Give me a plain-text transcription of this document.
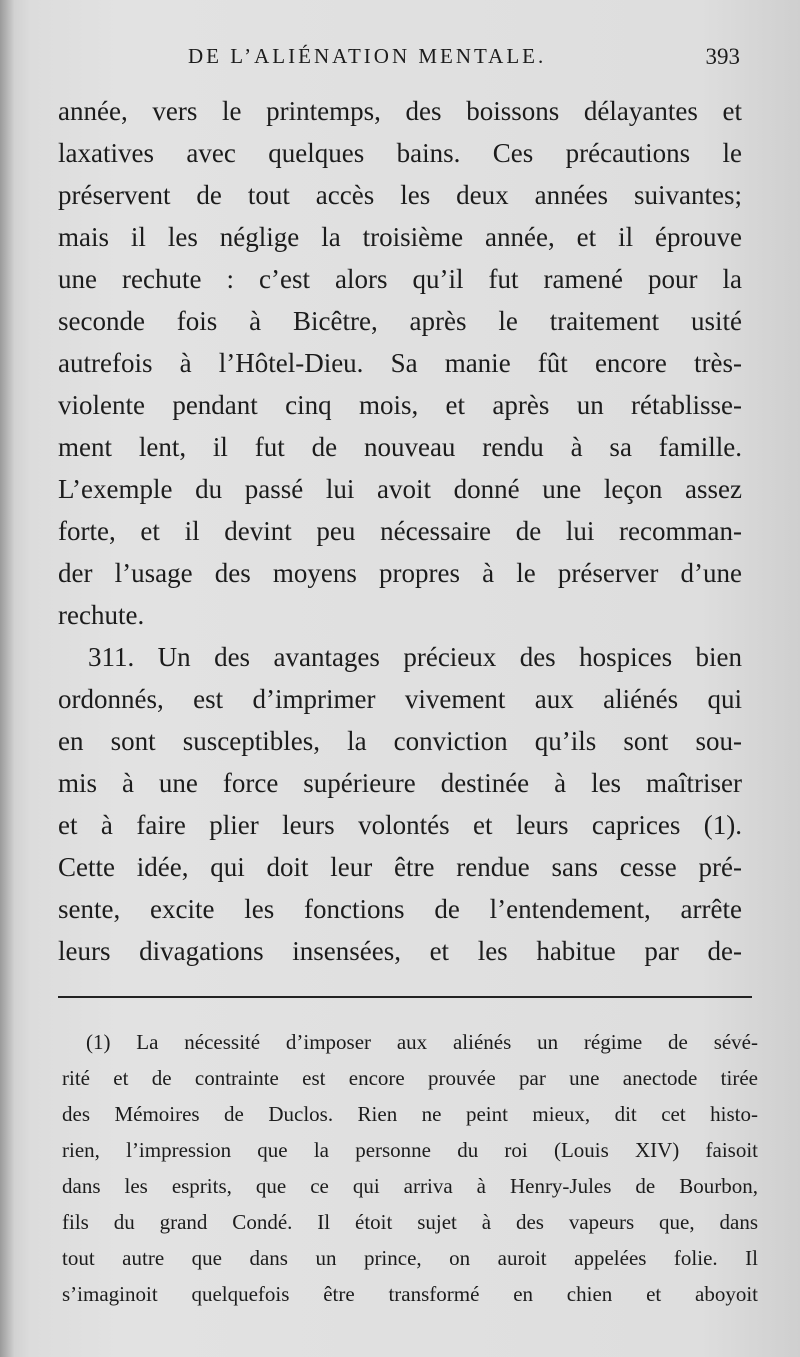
DE L’ALIÉNATION MENTALE.	393
année, vers le printemps, des boissons délayantes et
laxatives avec quelques bains. Ces précautions le
préservent de tout accès les deux années suivantes;
mais il les néglige la troisième année, et il éprouve
une rechute : c’est alors qu’il fut ramené pour la
seconde fois à Bicêtre, après le traitement usité
autrefois à l’Hôtel-Dieu. Sa manie fût encore très-
violente pendant cinq mois, et après un rétablisse-
ment lent, il fut de nouveau rendu à sa famille.
L’exemple du passé lui avoit donné une leçon assez
forte, et il devint peu nécessaire de lui recomman-
der l’usage des moyens propres à le préserver d’une
rechute.
311. Un des avantages précieux des hospices bien
ordonnés, est d’imprimer vivement aux aliénés qui
en sont susceptibles, la conviction qu’ils sont sou-
mis à une force supérieure destinée à les maîtriser
et à faire plier leurs volontés et leurs caprices (1).
Cette idée, qui doit leur être rendue sans cesse pré-
sente, excite les fonctions de l’entendement, arrête
leurs divagations insensées, et les habitue par de-
(1) La nécessité d’imposer aux aliénés un régime de sévé-
rité et de contrainte est encore prouvée par une anectode tirée
des Mémoires de Duclos. Rien ne peint mieux, dit cet histo-
rien, l’impression que la personne du roi (Louis XIV) faisoit
dans les esprits, que ce qui arriva à Henry-Jules de Bourbon,
fils du grand Condé. Il étoit sujet à des vapeurs que, dans
tout autre que dans un prince, on auroit appelées folie. Il
s’imaginoit quelquefois être transformé en chien et aboyoit
